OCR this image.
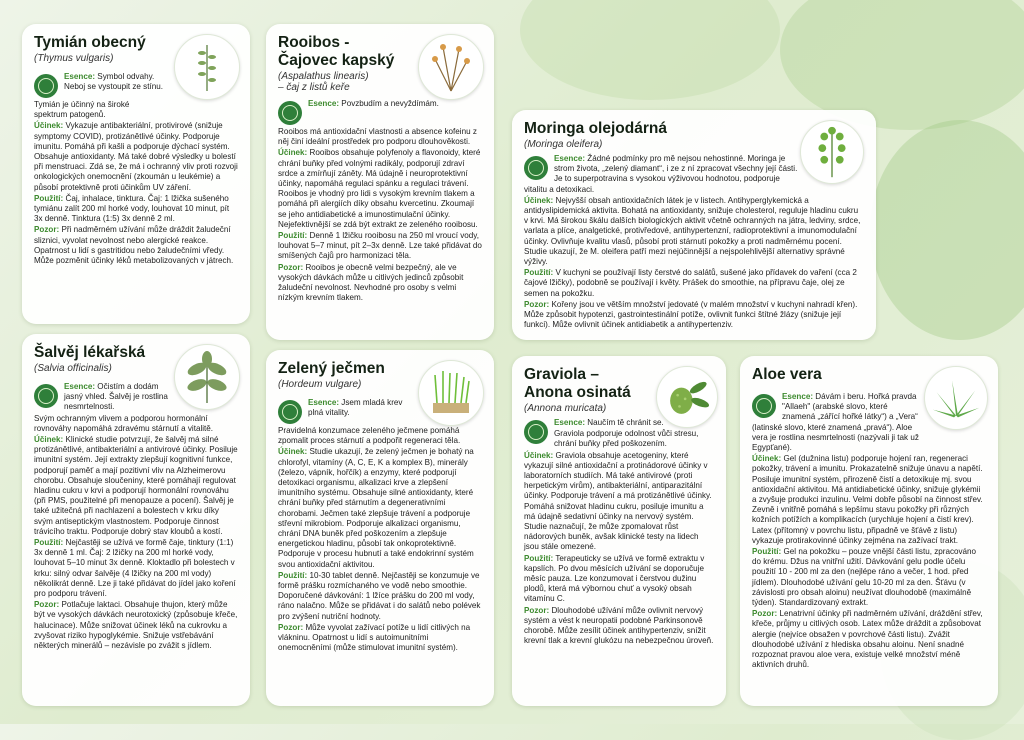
Tymián obecný
(Thymus vulgaris)

Esence: Symbol odvahy. Neboj se vystoupit ze stínu.

Tymián je účinný na široké spektrum patogenů.

Účinek: Vykazuje antibakteriální, protivirové (snižuje symptomy COVID), protizánětlivé účinky. Podporuje imunitu. Pomáhá při kašli a podporuje dýchací systém. Obsahuje antioxidanty. Má také dobré výsledky u bolestí při menstruaci. Zdá se, že má i ochranný vliv proti rozvoji onkologických onemocnění (zkoumán u leukémie) a působí protektivně proti účinkům UV záření.

Použití: Čaj, inhalace, tinktura. Čaj: 1 lžička sušeného tymiánu zalít 200 ml horké vody, louhovat 10 minut, pít 3x denně. Tinktura (1:5) 3x denně 2 ml.

Pozor: Při nadměrném užívání může dráždit žaludeční sliznici, vyvolat nevolnost nebo alergické reakce. Opatrnost u lidí s gastritidou nebo žaludečními vředy. Může pozměnit účinky léků metabolizovaných v játrech.

Rooibos - Čajovec kapský
(Aspalathus linearis)
– čaj z listů keře

Esence: Povzbudím a nevyždímám.

Rooibos má antioxidační vlastnosti a absence kofeinu z něj činí ideální prostředek pro podporu dlouhověkosti.

Účinek: Rooibos obsahuje polyfenoly a flavonoidy, které chrání buňky před volnými radikály, podporují zdraví srdce a zmírňují záněty. Má údajně i neuroprotektivní účinky, napomáhá regulaci spánku a regulaci trávení. Rooibos je vhodný pro lidi s vysokým krevním tlakem a pomáhá při alergiích díky obsahu kvercetinu. Zkoumají se jeho antidiabetické a imunostimulační účinky. Nejefektivnější se zdá být extrakt ze zeleného rooibosu.

Použití: Denně 1 lžičku rooibosu na 250 ml vroucí vody, louhovat 5–7 minut, pít 2–3x denně. Lze také přidávat do smíšených čajů pro harmonizaci těla.

Pozor: Rooibos je obecně velmi bezpečný, ale ve vysokých dávkách může u citlivých jedinců způsobit žaludeční nevolnost. Nevhodné pro osoby s velmi nízkým krevním tlakem.

Moringa olejodárná
(Moringa oleifera)

Esence: Žádné podmínky pro mě nejsou nehostinné. Moringa je strom života, „zelený diamant“, i ze z ní zpracovat všechny její části. Je to superpotravina s vysokou výživovou hodnotou, podporuje vitalitu a detoxikaci.

Účinek: Nejvyšší obsah antioxidačních látek je v listech. Antihyperglykemická a antidyslipidemická aktivita. Bohatá na antioxidanty, snižuje cholesterol, reguluje hladinu cukru v krvi. Má širokou škálu dalších biologických aktivit včetně ochranných na játra, ledviny, srdce, varlata a plíce, analgetické, protivředové, antihypertenzní, radioprotektivní a imunomodulační účinky. Ovlivňuje kvalitu vlasů, působí proti stárnutí pokožky a proti nadměrnému pocení. Studie ukazují, že M. oleifera patří mezi nejúčinnější a nejspolehlivější alternativy správné výživy.

Použití: V kuchyni se používají listy čerstvé do salátů, sušené jako přídavek do vaření (cca 2 čajové lžičky), podobně se používají i květy. Prášek do smoothie, na přípravu čaje, olej ze semen na pokožku.

Pozor: Kořeny jsou ve větším množství jedovaté (v malém množství v kuchyni nahradí křen). Může způsobit hypotenzi, gastrointestinální potíže, ovlivnit funkci štítné žlázy (snižuje její funkci). Může ovlivnit účinek antidiabetik a antihypertenziv.

Šalvěj lékařská
(Salvia officinalis)

Esence: Očistím a dodám jasný vhled. Šalvěj je rostlina nesmrtelnosti.

Svým ochranným vlivem a podporou hormonální rovnováhy napomáhá zdravému stárnutí a vitalitě.

Účinek: Klinické studie potvrzují, že šalvěj má silné protizánětlivé, antibakteriální a antivirové účinky. Posiluje imunitní systém. Její extrakty zlepšují kognitivní funkce, podporují paměť a mají pozitivní vliv na Alzheimerovu chorobu. Obsahuje sloučeniny, které pomáhají regulovat hladinu cukru v krvi a podporují hormonální rovnováhu (při PMS, použitelné při menopauze a pocení). Šalvěj je také užitečná při nachlazení a bolestech v krku díky svým antiseptickým vlastnostem. Podporuje činnost trávicího traktu. Podporuje dobrý stav kloubů a kostí.

Použití: Nejčastěji se užívá ve formě čaje, tinktury (1:1) 3x denně 1 ml. Čaj: 2 lžičky na 200 ml horké vody, louhovat 5–10 minut 3x denně. Kloktadlo při bolestech v krku: silný odvar šalvěje (4 lžičky na 200 ml vody) několikrát denně. Lze ji také přidávat do jídel jako koření pro podporu trávení.

Pozor: Potlačuje laktaci. Obsahuje thujon, který může být ve vysokých dávkách neurotoxický (způsobuje křeče, halucinace). Může snižovat účinek léků na cukrovku a zvyšovat riziko hypoglykémie. Snižuje vstřebávání některých minerálů – nezávisle po zvážit s jídlem.

Zelený ječmen
(Hordeum vulgare)

Esence: Jsem mladá krev plná vitality.

Pravidelná konzumace zeleného ječmene pomáhá zpomalit proces stárnutí a podpořit regeneraci těla.

Účinek: Studie ukazují, že zelený ječmen je bohatý na chlorofyl, vitamíny (A, C, E, K a komplex B), minerály (železo, vápník, hořčík) a enzymy, které podporují detoxikaci organismu, alkalizaci krve a zlepšení imunitního systému. Obsahuje silné antioxidanty, které chrání buňky před stárnutím a degenerativními chorobami. Ječmen také zlepšuje trávení a podporuje střevní mikrobiom. Podporuje alkalizaci organismu, chrání DNA buněk před poškozením a zlepšuje energetickou hladinu, působí tak onkoprotektivně. Podporuje v procesu hubnutí a také endokrinní systém svou antioxidační aktivitou.

Použití: 10-30 tablet denně. Nejčastěji se konzumuje ve formě prášku rozmíchaného ve vodě nebo smoothie. Doporučené dávkování: 1 lžíce prášku do 200 ml vody, ráno nalačno. Může se přidávat i do salátů nebo polévek pro zvýšení nutriční hodnoty.

Pozor: Může vyvolat zažívací potíže u lidí citlivých na vlákninu. Opatrnost u lidí s autoimunitními onemocněními (může stimulovat imunitní systém).

Graviola – Anona osinatá
(Annona muricata)

Esence: Naučím tě chránit se.

Graviola podporuje odolnost vůči stresu, chrání buňky před poškozením.

Účinek: Graviola obsahuje acetogeniny, které vykazují silné antioxidační a protinádorové účinky v laboratorních studiích. Má také antivirové (proti herpetickým virům), antibakteriální, antiparazitální účinky. Podporuje trávení a má protizánětlivé účinky. Pomáhá snižovat hladinu cukru, posiluje imunitu a má údajně sedativní účinky na nervový systém. Studie naznačují, že může zpomalovat růst nádorových buněk, avšak klinické testy na lidech jsou stále omezené.

Použití: Terapeuticky se užívá ve formě extraktu v kapslích. Po dvou měsících užívání se doporučuje měsíc pauza. Lze konzumovat i čerstvou dužinu plodů, která má výbornou chuť a vysoký obsah vitamínu C.

Pozor: Dlouhodobé užívání může ovlivnit nervový systém a vést k neuropatii podobné Parkinsonově chorobě. Může zesílit účinek antihypertenziv, snížit krevní tlak a krevní glukózu na nebezpečnou úroveň.

Aloe vera

Esence: Dávám i beru. Hořká pravda "Allaeh" (arabské slovo, které znamená „zářící hořké látky“) a „Vera“ (latinské slovo, které znamená „pravá“). Aloe vera je rostlina nesmrtelnosti (nazývali ji tak už Egypťané).

Účinek: Gel (dužnina listu) podporuje hojení ran, regeneraci pokožky, trávení a imunitu. Prokazatelně snižuje únavu a napětí. Posiluje imunitní systém, přirozeně čistí a detoxikuje mj. svou antioxidační aktivitou. Má antidiabetické účinky, snižuje glykémii a zvyšuje produkci inzulinu. Velmi dobře působí na činnost střev. Zevně i vnitřně pomáhá s lepšímu stavu pokožky při různých kožních potížích a komplikacích (urychluje hojení a čistí krev). Latex (přítomný v povrchu listu, připadně ve šťávě z listu) vykazuje protirakovinné účinky zejména na zažívací trakt.

Použití: Gel na pokožku – pouze vnější části listu, zpracováno do krému. Džus na vnitřní užití. Dávkování gelu podle účelu použití 10 - 200 ml za den (nejlépe ráno a večer, 1 hod. před jídlem). Dlouhodobé užívání gelu 10-20 ml za den. Šťávu (v závislosti pro obsah aloinu) neužívat dlouhodobě (maximálně týden). Standardizovaný extrakt.

Pozor: Lenatrivní účinky při nadměrném užívání, dráždění střev, křeče, průjmy u citlivých osob. Latex může dráždit a způsobovat alergie (nejvíce obsažen v povrchové části listu). Zvážit dlouhodobé užívání z hlediska obsahu aloinu. Není snadné rozpoznat pravou aloe vera, existuje velké množství méně aktivních druhů.
